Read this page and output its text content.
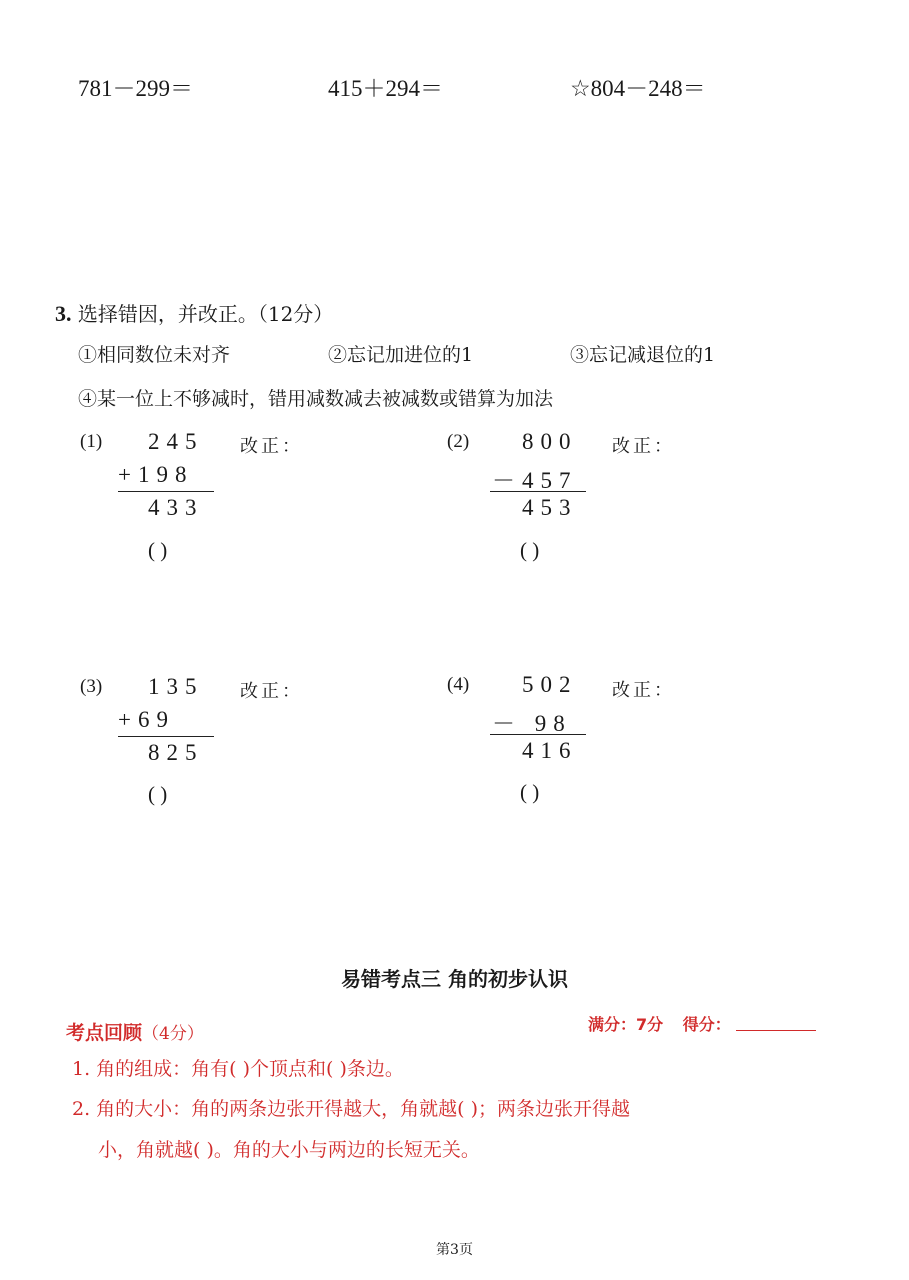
781－299＝	415＋294＝	☆804－248＝
3. 选择错因，并改正。（12分）
①相同数位未对齐	②忘记加进位的1	③忘记减退位的1
④某一位上不够减时，错用减数减去被减数或错算为加法
(1) 245 改正：
+198
433
( )
(2) 800 改正：
－457
453
( )
(3) 135 改正：
+69
825
( )
(4) 502 改正：
－ 98
416
( )
易错考点三 角的初步认识
考点回顾（4分）	满分：7分 得分：
1. 角的组成：角有( )个顶点和( )条边。
2. 角的大小：角的两条边张开得越大，角就越( )；两条边张开得越
小，角就越( )。角的大小与两边的长短无关。
第3页
